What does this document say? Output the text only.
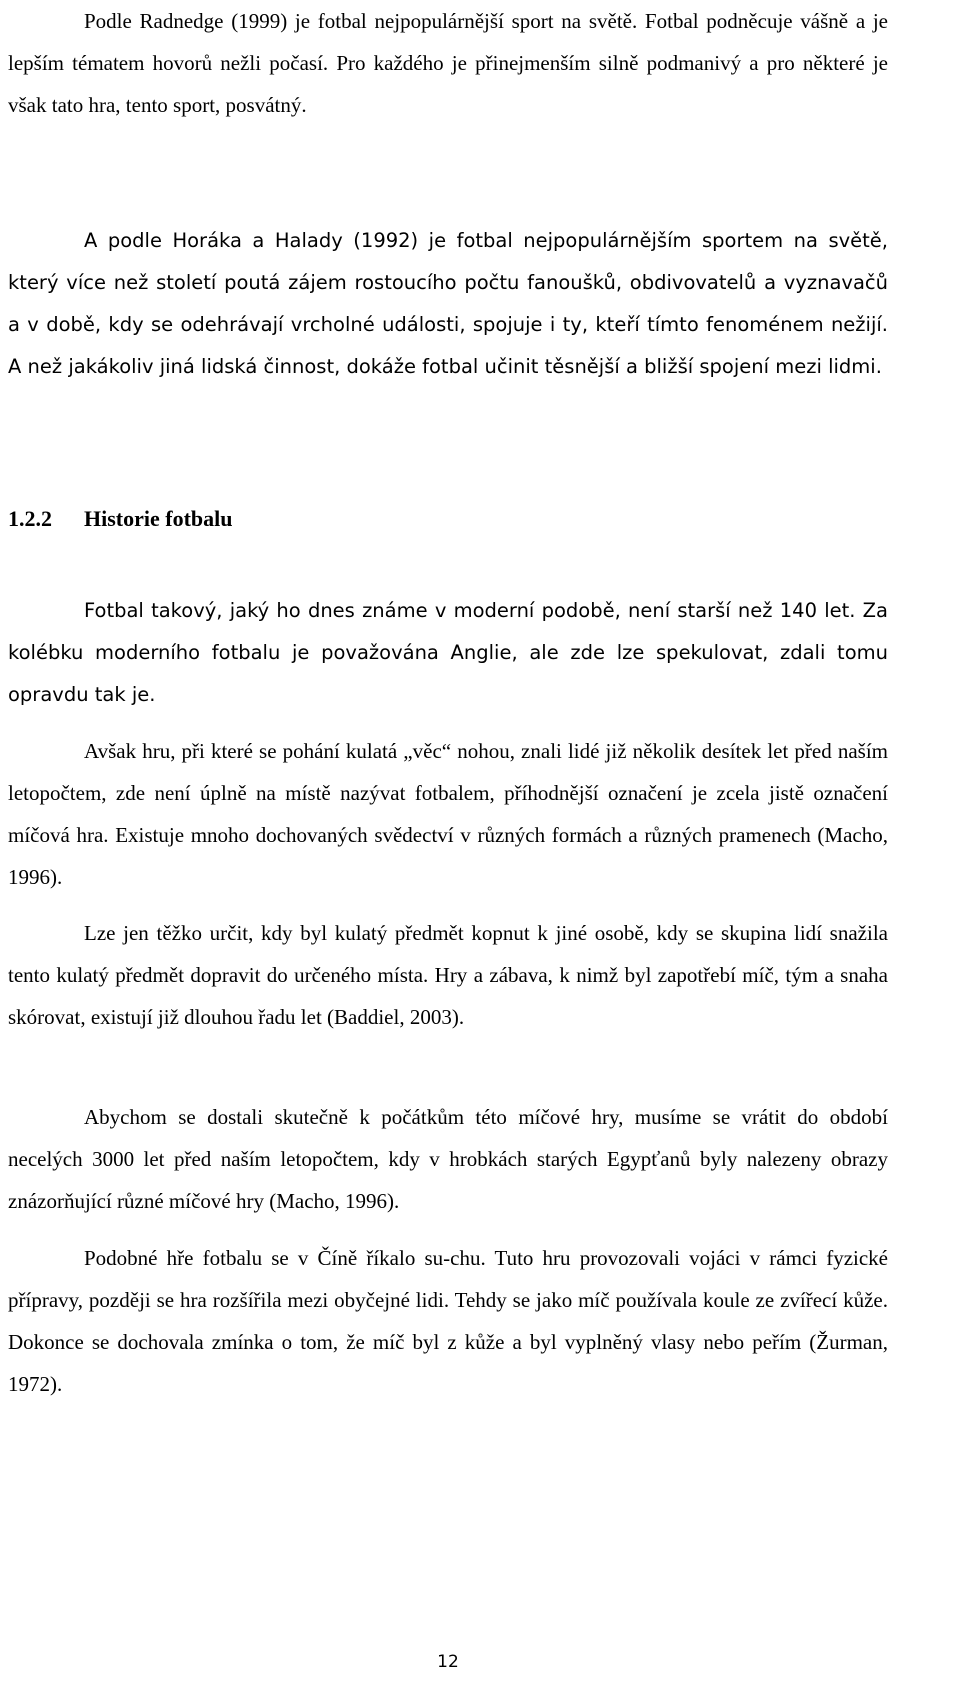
Podle Radnedge (1999) je fotbal nejpopulárnější sport na světě. Fotbal podněcuje vášně a je lepším tématem hovorů nežli počasí. Pro každého je přinejmenším silně podmanivý a pro některé je však tato hra, tento sport, posvátný.

A podle Horáka a Halady (1992) je fotbal nejpopulárnějším sportem na světě, který více než století poutá zájem rostoucího počtu fanoušků, obdivovatelů a vyznavačů a v době, kdy se odehrávají vrcholné události, spojuje i ty, kteří tímto fenoménem nežijí. A než jakákoliv jiná lidská činnost, dokáže fotbal učinit těsnější a bližší spojení mezi lidmi.

1.2.2	Historie fotbalu

Fotbal takový, jaký ho dnes známe v moderní podobě, není starší než 140 let. Za kolébku moderního fotbalu je považována Anglie, ale zde lze spekulovat, zdali tomu opravdu tak je.

Avšak hru, při které se pohání kulatá „věc“ nohou, znali lidé již několik desítek let před naším letopočtem, zde není úplně na místě nazývat fotbalem, příhodnější označení je zcela jistě označení míčová hra. Existuje mnoho dochovaných svědectví v různých formách a různých pramenech (Macho, 1996).

Lze jen těžko určit, kdy byl kulatý předmět kopnut k jiné osobě, kdy se skupina lidí snažila tento kulatý předmět dopravit do určeného místa. Hry a zábava, k nimž byl zapotřebí míč, tým a snaha skórovat, existují již dlouhou řadu let (Baddiel, 2003).

Abychom se dostali skutečně k počátkům této míčové hry, musíme se vrátit do období necelých 3000 let před naším letopočtem, kdy v hrobkách starých Egypťanů byly nalezeny obrazy znázorňující různé míčové hry (Macho, 1996).

Podobné hře fotbalu se v Číně říkalo su-chu. Tuto hru provozovali vojáci v rámci fyzické přípravy, později se hra rozšířila mezi obyčejné lidi. Tehdy se jako míč používala koule ze zvířecí kůže. Dokonce se dochovala zmínka o tom, že míč byl z kůže a byl vyplněný vlasy nebo peřím (Žurman, 1972).

12
